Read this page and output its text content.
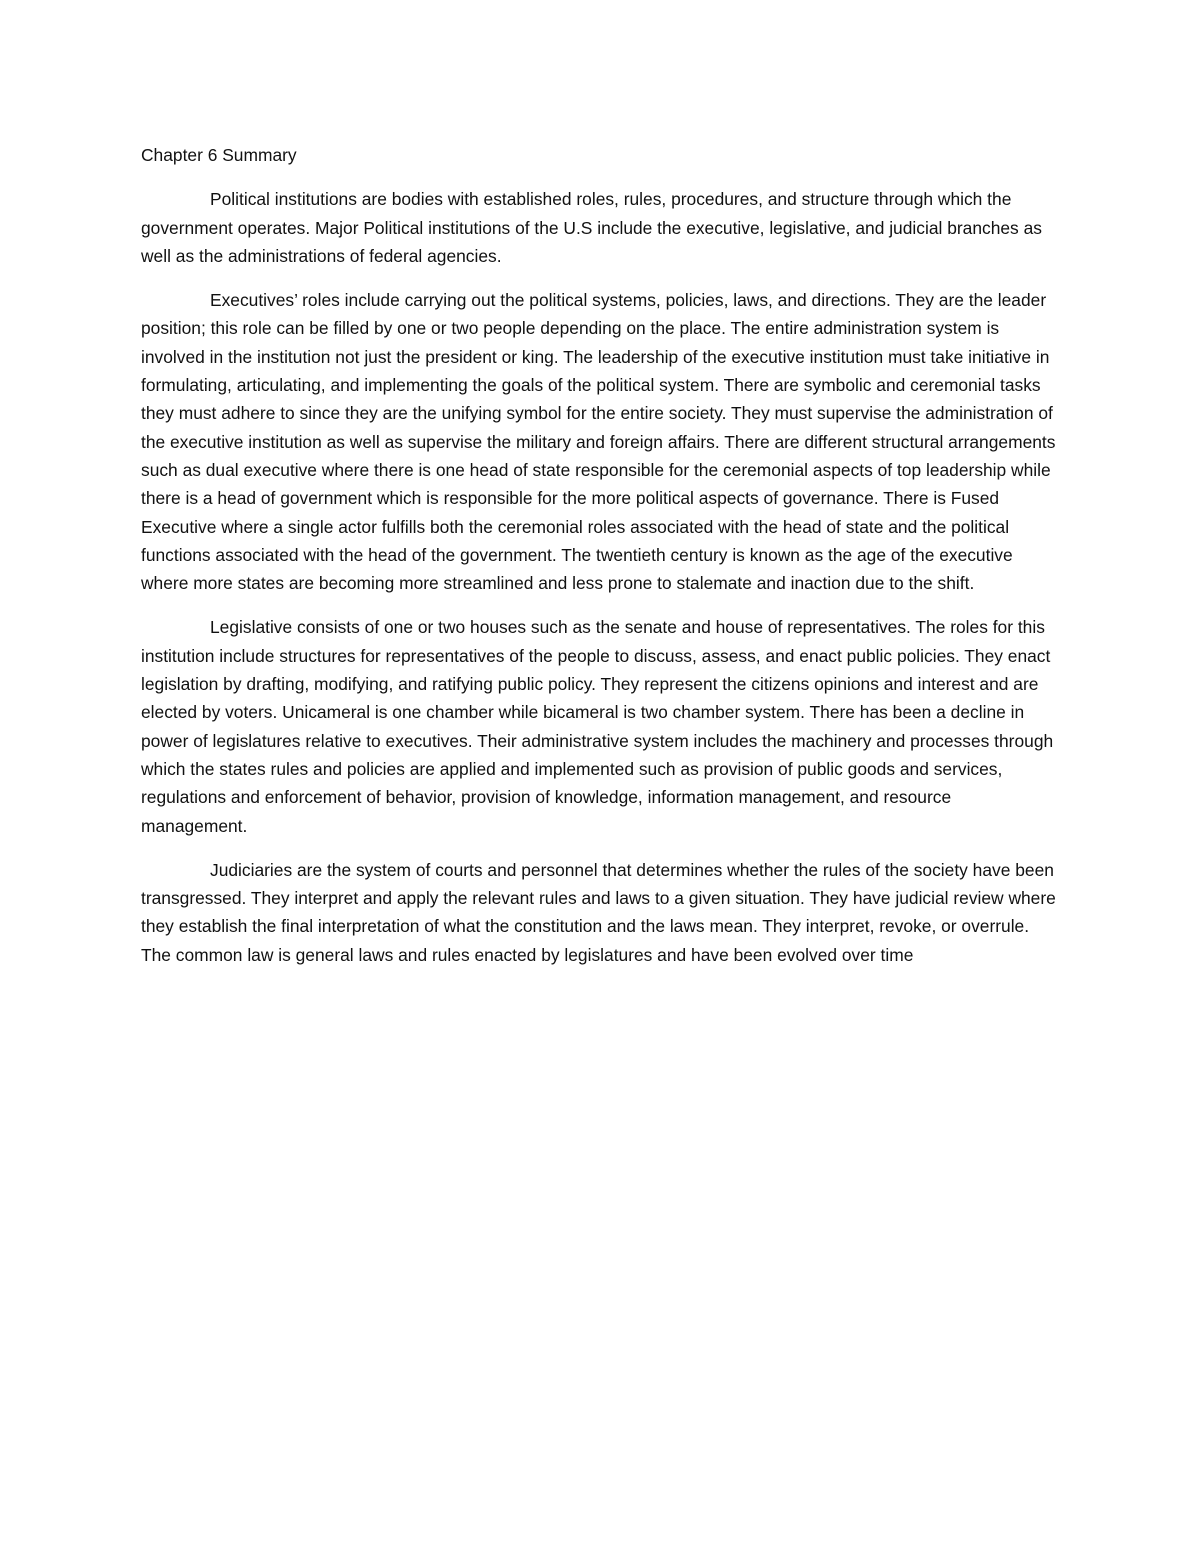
Chapter 6 Summary

Political institutions are bodies with established roles, rules, procedures, and structure through which the government operates. Major Political institutions of the U.S include the executive, legislative, and judicial branches as well as the administrations of federal agencies.

Executives’ roles include carrying out the political systems, policies, laws, and directions. They are the leader position; this role can be filled by one or two people depending on the place. The entire administration system is involved in the institution not just the president or king. The leadership of the executive institution must take initiative in formulating, articulating, and implementing the goals of the political system. There are symbolic and ceremonial tasks they must adhere to since they are the unifying symbol for the entire society. They must supervise the administration of the executive institution as well as supervise the military and foreign affairs. There are different structural arrangements such as dual executive where there is one head of state responsible for the ceremonial aspects of top leadership while there is a head of government which is responsible for the more political aspects of governance. There is Fused Executive where a single actor fulfills both the ceremonial roles associated with the head of state and the political functions associated with the head of the government. The twentieth century is known as the age of the executive where more states are becoming more streamlined and less prone to stalemate and inaction due to the shift.

Legislative consists of one or two houses such as the senate and house of representatives. The roles for this institution include structures for representatives of the people to discuss, assess, and enact public policies. They enact legislation by drafting, modifying, and ratifying public policy. They represent the citizens opinions and interest and are elected by voters. Unicameral is one chamber while bicameral is two chamber system. There has been a decline in power of legislatures relative to executives. Their administrative system includes the machinery and processes through which the states rules and policies are applied and implemented such as provision of public goods and services, regulations and enforcement of behavior, provision of knowledge, information management, and resource management.

Judiciaries are the system of courts and personnel that determines whether the rules of the society have been transgressed. They interpret and apply the relevant rules and laws to a given situation. They have judicial review where they establish the final interpretation of what the constitution and the laws mean. They interpret, revoke, or overrule. The common law is general laws and rules enacted by legislatures and have been evolved over time
